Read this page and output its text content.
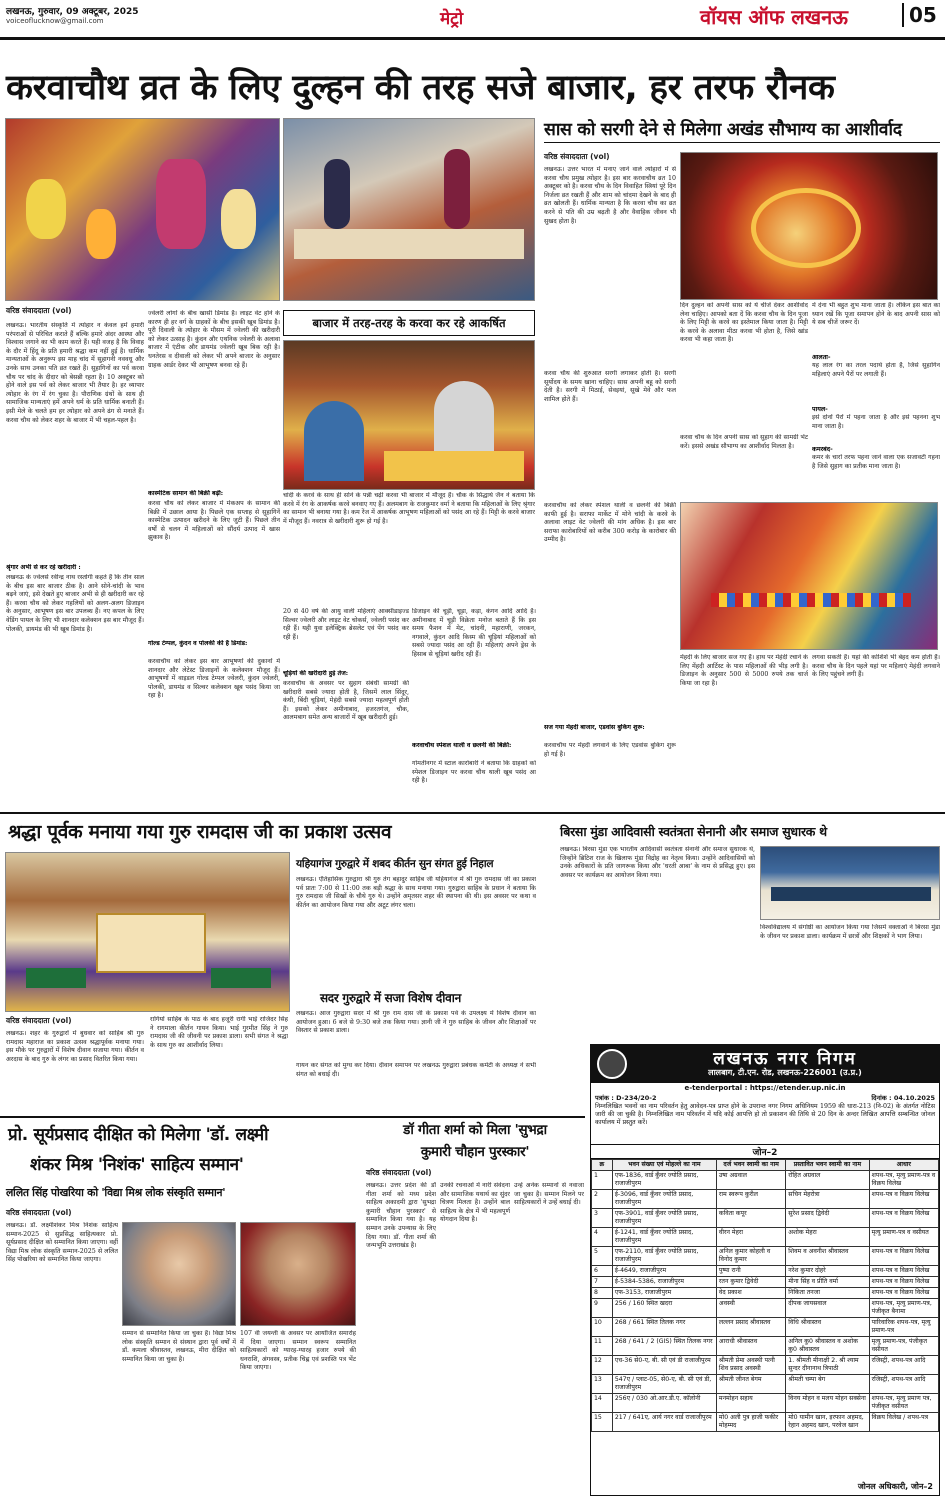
लखनऊ, गुरुवार, 09 अक्टूबर, 2025
voiceoflucknow@gmail.com	मेट्रो	वॉयस ऑफ लखनऊ	05
करवाचौथ व्रत के लिए दुल्हन की तरह सजे बाजार, हर तरफ रौनक
सास को सरगी देने से मिलेगा अखंड सौभाग्य का आशीर्वाद
वरिष्ठ संवाददाता (vol)
लखनऊ। उत्तर भारत में मनाए जाने वाले त्योहारों में से करवा चौथ प्रमुख त्योहार है। इस बार करवाचौथ व्रत 10 अक्टूबर को है। करवा चौथ के दिन विवाहित स्त्रियां पूरे दिन निर्जला व्रत रखती हैं और शाम को चांदमा देखने के बाद ही व्रत खोलती हैं। धार्मिक मान्यता है कि करवा चौथ का व्रत करने से पति की उम्र बढ़ती है और वैवाहिक जीवन भी सुखद होता है।
करवा चौथ की शुरुआत सरगी लगाकर होती है। सरगी सूर्योदय के समय खाना चाहिए। सास अपनी बहू को सरगी देती है। सरगी में मिठाई, सेवइयां, सूखे मेवे और फल शामिल होते हैं।
दिन दुल्हन को अपनी सास को ये चीजें देकर आशीर्वाद लेना चाहिए। आपको बता दें कि करवा चौथ के दिन पूजा के लिए मिट्टी के करवे का इस्तेमाल किया जाता है। मिट्टी के करवे के अलावा मीठा करवा भी होता है, जिसे खांड करवा भी कहा जाता है।
करवा चौथ के दिन अपनी सास को सुहाग की सामग्री भेंट करें। इससे अखंड सौभाग्य का आशीर्वाद मिलता है।
में देना भी बहुत शुभ माना जाता है। लेकिन इस बात का ध्यान रखें कि पूजा समापन होने के बाद अपनी सास को ये सब चीजें जरूर दें।
आलता-
यह लाल रंग का तरल पदार्थ होता है, जिसे सुहागिन महिलाएं अपने पैरों पर लगाती हैं।
पायल-
इसे दोनों पैरों में पहना जाता है और इसे पहनना शुभ माना जाता है।
कमरबंद-
कमर के चारों तरफ पहना जाने वाला एक सजावटी गहना है जिसे सुहाग का प्रतीक माना जाता है।
वरिष्ठ संवाददाता (vol)
लखनऊ। भारतीय संस्कृति में त्योहार न केवल हमें हमारी परंपराओं से परिचित कराते हैं बल्कि हमारे अंदर आस्था और विश्वास जगाने का भी काम करते हैं। यही वजह है कि विवाह के दौर में हिंदू के प्रति हमारी श्रद्धा कम नहीं हुई है। धार्मिक मान्यताओं के अनुरूप इस माह चांद में सुहागनी नववधू और उनके साथ उनका पति व्रत रखते हैं। सुहागिनों का पर्व करवा चौथ पर चांद के दीदार को बेसब्री रहता है। 10 अक्टूबर को होने वाले इस पर्व को लेकर बाजार भी तैयार है। हर व्यापार त्योहार के रंग में रंग चुका है। पौराणिक ग्रंथों के साथ ही सामाजिक मान्यताएं हमें अपने धर्म के प्रति धार्मिक बनाती हैं। इसी मेले के चलते हम हर त्योहार को अपने ढंग से मनाते हैं। करवा चौथ को लेकर शहर के बाजार में भी चहल-पहल है।
श्रृंगार अभी से कर रहे खरीदारी :
लखनऊ के ज्वेलर्स रवीन्द्र नाथ रस्तोगी कहते हैं कि तीन साल के बीच इस बार बाजार ठीक है। आने सोने-चांदी के भाव बढ़ने जाएं, इसे देखते हुए बाजार अभी से ही खरीदारी कर रहे हैं। करवा चौथ को लेकर गहलियों को अलग-अलग डिजाइन के अनुसार, आभूषण इस बार उपलब्ध हैं। नए कपल के लिए वेडिंग पायल के लिए भी शानदार कलेक्शन इस बार मौजूद हैं। पोलकी, डायमंड की भी खूब डिमांड है।
ज्वेलरी लोगों के बीच खासी डिमांड है। लाइट वेट होने के कारण ही हर वर्ग के ग्राहकों के बीच इसकी खूब डिमांड है। पूरी दिवाली के त्योहार के मौसम में ज्वेलरी की खरीदारी को लेकर उत्साह है। कुंदन और एथनिक ज्वेलरी के अलावा बाजार में एंटीक और डायमंड ज्वेलरी खूब बिक रही है। धनतेरस व दीवाली को लेकर भी अपने बाजार के अनुसार ग्राहक आर्डर देकर भी आभूषण बनवा रहे हैं।
कास्मेटिक सामान की बिक्री बढ़ी:
करवा चौथ को लेकर बाजार में मेकअप के सामान की बिक्री में उछाल आया है। पिछले एक सप्ताह से सुहागिनें कास्मेटिक उत्पादन खरीदने के लिए जुटी हैं। पिछले तीन वर्षों से चलन में महिलाओं को सौंदर्य उत्पाद में खास झुकाव है।
गोल्ड टेम्पल, कुंदन व पोलकी की है डिमांड:
करवाचौथ को लेकर इस बार आभूषणों की दुकानों में शानदार और लेटेस्ट डिजाइनों के कलेक्शन मौजूद हैं। आभूषणों में वाइडल गोल्ड टेम्पल ज्वेलरी, कुंदन ज्वेलरी, पोलकी, डायमंड व सिल्वर कलेक्शन खूब पसंद किया जा रहा है।
बाजार में तरह-तरह के करवा कर रहे आकर्षित
चांदी के करवे के साथ ही सोने के पन्नी चढ़ी करवा भी बाजार में मौजूद हैं। चौक के सिद्धार्थ जैन ने बताया कि करवे में रंग के आकर्षक करवे बनवाए गए हैं। अलमबाग के राजकुमार वर्मा ने बताया कि महिलाओं के लिए श्रृंगार का सामान भी बनाया गया है। कम रेंज में आकर्षक आभूषण महिलाओं को पसंद आ रहे हैं। मिट्टी के करवे बाजार में मौजूद हैं। नवरात्र से खरीदारी शुरू हो गई है।
20 से 40 वर्ष की आयु वाली महिलाएं आक्सीडाइज्ड सिल्वर ज्वेलरी और लाइट वेट चोकर्स, ज्वेलरी पसंद कर रही हैं। यही युवा इलेक्ट्रिक ब्रेसलेट एवं पेंग पसंद कर रही हैं।
चूड़ियों की खरीदारी हुई तेज:
करवाचौथ के अवसर पर सुहाग संबंधी सामग्री की खरीदारी सबसे ज्यादा होती है, जिसमें लाल सिंदूर, कंघी, बिंदी चूड़ियां, मेहंदी सबसे ज्यादा महत्वपूर्ण होती हैं। इसको लेकर अमीनाबाद, हजरतगंज, चौक, आलमबाग समेत अन्य बाजारों में खूब खरीदारी हुई।
डिजाइन की चूड़ी, चूड़ा, कड़ा, कंगन आदि आदि है। अमीनाबाद में चूड़ी विक्रेता मनोज बताते हैं कि इस समय फैशन में मेट, चांदनी, महाराणी, जरकन, नगवाले, कुंदन आदि किस्म की चूड़ियां महिलाओं को सबसे ज्यादा पसंद आ रही हैं। महिलाएं अपने ड्रेस के हिसाब से चूड़ियां खरीद रही हैं।
करवाचौथ स्पेशल थाली व छलनी की बिक्री:
गोमतीनगर में स्टाल कारोबारी ने बताया कि ग्राहकों को स्पेशल डिजाइन पर करवा चौथ थाली खूब पसंद आ रही है।
करवाचौथ को लेकर स्पेशल थाली व छलनी की बिक्री काफी हुई है। सराफा मार्केट में मोने चांदी के करवे के अलावा लाइट वेट ज्वेलरी की मांग अधिक है। इस बार सराफा कारोबारियों को करीब 300 करोड़ के कारोबार की उम्मीद है।
सज गया मेंहदी बाजार, एडवांस बुकिंग शुरू:
करवाचौथ पर मेंहदी लगवाने के लिए एडवांस बुकिंग शुरू हो गई है।
मेंहदी के लिए बाजार सज गए हैं। हाथ पर मेहंदी रचाने के लिए मेंहदी आर्टिस्ट के पास महिलाओं की भीड़ लगी है। डिजाइन के अनुसार 500 से 5000 रुपये तक चार्ज किया जा रहा है।
लगवा सकती हैं। यहां की कोशिशें भी बेहद कम होती हैं। करवा चौथ के दिन पहले यहां पर महिलाएं मेहंदी लगवाने के लिए पहुंचने लगी हैं।
श्रद्धा पूर्वक मनाया गया गुरु रामदास जी का प्रकाश उत्सव
वरिष्ठ संवाददाता (vol)
लखनऊ। शहर के गुरुद्वारों में बुधवार को साहिब श्री गुरु रामदास महाराज का प्रकाश उत्सव श्रद्धापूर्वक मनाया गया। इस मौके पर गुरुद्वारों में विशेष दीवान सजाया गया। कीर्तन व अरदास के बाद गुरु के लंगर का प्रसाद वितरित किया गया।
रागियों साहिब के पाठ के बाद हजूरी रागी भाई राजिंदर सिंह ने रागमाला कीर्तन गायन किया। भाई गुरमीत सिंह ने गुरु रामदास जी की जीवनी पर प्रकाश डाला। सभी संगत ने श्रद्धा के साथ गुरु का आशीर्वाद लिया।
यहियागंज गुरुद्वारे में शबद कीर्तन सुन संगत हुई निहाल
लखनऊ। ऐतिहासिक गुरुद्वारा श्री गुरु तेग बहादुर साहिब जी यहियागंज में श्री गुरु रामदास जी का प्रकाश पर्व प्रातः 7:00 से 11:00 तक बड़ी श्रद्धा के साथ मनाया गया। गुरुद्वारा साहिब के प्रधान ने बताया कि गुरु रामदास जी सिखों के चौथे गुरु थे। उन्होंने अमृतसर शहर की स्थापना की थी। इस अवसर पर कथा व कीर्तन का आयोजन किया गया और अटूट लंगर चला।
सदर गुरुद्वारे में सजा विशेष दीवान
लखनऊ। आज गुरुद्वारा सदर में श्री गुरु राम दास जी के प्रकाश पर्व के उपलक्ष्य में विशेष दीवान का आयोजन हुआ। 6 बजे से 9:30 बजे तक किया गया। ज्ञानी जी ने गुरु साहिब के जीवन और शिक्षाओं पर विस्तार से प्रकाश डाला।
गायन कर संगत को मुग्ध कर दिया। दीवान समापन पर लखनऊ गुरुद्वारा प्रबंधक कमेटी के अध्यक्ष ने सभी संगत को बधाई दी।
बिरसा मुंडा आदिवासी स्वतंत्रता सेनानी और समाज सुधारक थे
लखनऊ। बिरसा मुंडा एक भारतीय आदिवासी स्वतंत्रता सेनानी और समाज सुधारक थे, जिन्होंने ब्रिटिश राज के खिलाफ मुंडा विद्रोह का नेतृत्व किया। उन्होंने आदिवासियों को उनके अधिकारों के प्रति जागरूक किया और 'धरती आबा' के नाम से प्रसिद्ध हुए। इस अवसर पर कार्यक्रम का आयोजन किया गया।
विश्वविद्यालय में संगोष्ठी का आयोजन किया गया जिसमें वक्ताओं ने बिरसा मुंडा के जीवन पर प्रकाश डाला। कार्यक्रम में छात्रों और शिक्षकों ने भाग लिया।
लखनऊ नगर निगम
लालबाग, टी.एन. रोड, लखनऊ-226001 (उ.प्र.)
e-tenderportal : https://etender.up.nic.in
पत्रांक : D-234/20-2	दिनांक : 04.10.2025
निम्नलिखित भवनों का नाम परिवर्तन हेतु आवेदन-पत्र प्राप्त होने के उपरान्त नगर निगम अधिनियम 1959 की धारा-213 (नि-02) के अंतर्गत नोटिस जारी की जा चुकी है। निम्नलिखित नाम परिवर्तन में यदि कोई आपत्ति हो तो प्रकाशन की तिथि से 20 दिन के अन्दर लिखित आपत्ति सम्बन्धित जोनल कार्यालय में प्रस्तुत करें।
जोन–2
क्र	भवन संख्या एवं मोहल्ले का नाम	दर्ज भवन स्वामी का नाम	प्रस्तावित भवन स्वामी का नाम	आधार
1	एफ-1836, वार्ड कुँवर ज्योति प्रसाद, राजाजीपुरम	उषा अग्रवाल	रोहित अग्रवाल	शपथ-पत्र, मृत्यु प्रमाण-पत्र व विक्रय विलेख
2	ई-3096, वार्ड कुँवर ज्योति प्रसाद, राजाजीपुरम	राम स्वरूप कुरील	सचिन मेहरोत्रा	शपथ-पत्र व विक्रय विलेख
3	एफ-3901, वार्ड कुँवर ज्योति प्रसाद, राजाजीपुरम	कविता कपूर	सुरेश प्रसाद द्विवेदी	शपथ-पत्र व विक्रय विलेख
4	ई-1241, वार्ड कुँवर ज्योति प्रसाद, राजाजीपुरम	वीरन मेहरा	अशोक मेहरा	मृत्यु प्रमाण-पत्र व वसीयत
5	एफ-2110, वार्ड कुँवर ज्योति प्रसाद, राजाजीपुरम	अनिल कुमार कोहली व विनोद कुमार	शिवम व अवनीश श्रीवास्तव	शपथ-पत्र व विक्रय विलेख
6	ई-4649, राजाजीपुरम	पुष्पा रानी	नरेश कुमार दोहरे	शपथ-पत्र व विक्रय विलेख
7	ई-5384-5386, राजाजीपुरम	रतन कुमार द्विवेदी	मीना सिंह व प्रीति वर्मा	शपथ-पत्र व विक्रय विलेख
8	एफ-3153, राजाजीपुरम	वेद प्रकाश	निकिता तनजा	शपथ-पत्र व विक्रय विलेख
9	256 / 160 स्थित खदरा	अवस्थी	दीपक जायसवाल	शपथ-पत्र, मृत्यु प्रमाण-पत्र, पंजीकृत बैनामा
10	268 / 661 स्थित तिलक नगर	लल्लन प्रसाद श्रीवास्तव	विधि श्रीवास्तव	पारिवारिक शपथ-पत्र, मृत्यु प्रमाण-पत्र
11	268 / 641 / 2 (GIS) स्थित तिलक नगर	आराधी श्रीवास्तव	अनिल कु0 श्रीवास्तव व अशोक कु0 श्रीवास्तव	मृत्यु प्रमाण-पत्र, पंजीकृत वसीयत
12	एच-36 से0-ए, बी. सी एवं डी राजाजीपुरम	श्रीमती प्रेमा अवस्थी पत्नी शिव प्रसाद अवस्थी	1. श्रीमती मीनाक्षी 2. श्री श्याम सुन्दर दीनानाथ त्रिपाठी	रजिस्ट्री, शपथ-पत्र आदि
13	547ए / प्लाट-05, से0-ए, बी. सी एवं डी, राजाजीपुरम	श्रीमती जीनत बेगम	श्रीमती चम्पा बेग	रजिस्ट्री, शपथ-पत्र आदि
14	256ए / 030 ओ.आर.डी.ए. कॉलोनी	मनमोहन सहाय	विनय मोहन व मलय मोहन सक्सेना	शपथ-पत्र, मृत्यु प्रमाण पत्र, पंजीकृत वसीयत
15	217 / 641ए, आर्य नगर वार्ड राजाजीपुरम	मो0 अली पुत्र हाजी फकीर मोहम्मद	मो0 यामीन खान, इरफान अहमद, रेहान अहमद खान, परवेज खान	विक्रय विलेख / शपथ-पत्र
जोनल अधिकारी, जोन–2
प्रो. सूर्यप्रसाद दीक्षित को मिलेगा 'डॉ. लक्ष्मी
शंकर मिश्र 'निशंक' साहित्य सम्मान'
ललित सिंह पोखरिया को 'विद्या मिश्र लोक संस्कृति सम्मान'
वरिष्ठ संवाददाता (vol)
लखनऊ। डॉ. लक्ष्मीशंकर मिश्र निशंक साहित्य सम्मान-2025 से सुप्रसिद्ध साहित्यकार प्रो. सूर्यप्रसाद दीक्षित को सम्मानित किया जाएगा। वहीं विद्या मिश्र लोक संस्कृति सम्मान-2025 से ललित सिंह पोखरिया को सम्मानित किया जाएगा।
सम्मान से सम्मानित किया जा चुका है। विद्या मिश्र लोक संस्कृति सम्मान से संस्थान द्वारा पूर्व वर्षों में डॉ. कमला श्रीवास्तव, लखनऊ, मीरा दीक्षित को सम्मानित किया जा चुका है।
107 वीं जयन्ती के अवसर पर आयोजित समारोह में दिया जाएगा। सम्मान स्वरूप सम्मानित साहित्यकारों को ग्यारह-ग्यारह हजार रुपये की धनराशि, अंगवस्त्र, प्रतीक चिह्न एवं प्रशस्ति पत्र भेंट किया जाएगा।
डॉ गीता शर्मा को मिला 'सुभद्रा
कुमारी चौहान पुरस्कार'
वरिष्ठ संवाददाता (vol)
लखनऊ। उत्तर प्रदेश की डॉ गीता शर्मा को मध्य प्रदेश साहित्य अकादमी द्वारा 'सुभद्रा कुमारी चौहान पुरस्कार' से सम्मानित किया गया है। यह सम्मान उनके उपन्यास के लिए दिया गया। डॉ. गीता शर्मा की जन्मभूमि उत्तराखंड है।
उनकी रचनाओं में नारी संवेदना और सामाजिक यथार्थ का सुंदर चित्रण मिलता है। उन्होंने बाल साहित्य के क्षेत्र में भी महत्वपूर्ण योगदान दिया है।
उन्हें अनेक सम्मानों से नवाजा जा चुका है। सम्मान मिलने पर साहित्यकारों ने उन्हें बधाई दी।
